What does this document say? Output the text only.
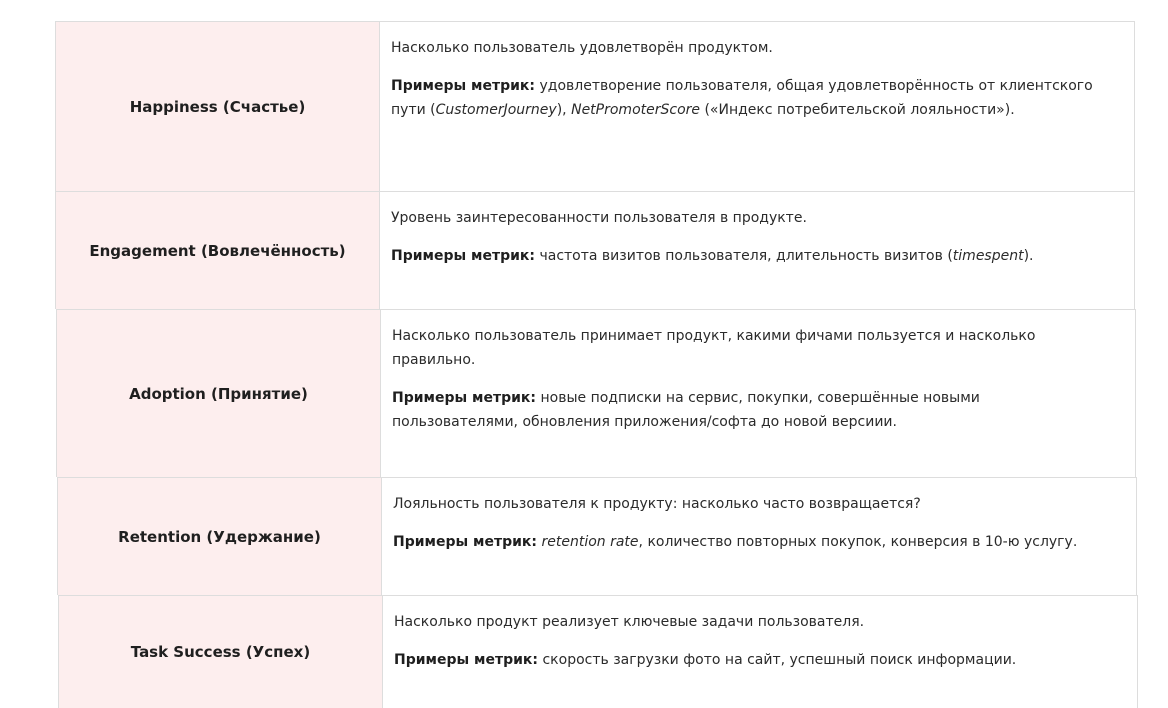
Happiness (Счастье)

Насколько пользователь удовлетворён продуктом.

Примеры метрик: удовлетворение пользователя, общая удовлетворённость от клиентского пути (CustomerJourney), NetPromoterScore («Индекс потребительской лояльности»).

Engagement (Вовлечённость)

Уровень заинтересованности пользователя в продукте.

Примеры метрик: частота визитов пользователя, длительность визитов (timespent).

Adoption (Принятие)

Насколько пользователь принимает продукт, какими фичами пользуется и насколько правильно.

Примеры метрик: новые подписки на сервис, покупки, совершённые новыми пользователями, обновления приложения/софта до новой версиии.

Retention (Удержание)

Лояльность пользователя к продукту: насколько часто возвращается?

Примеры метрик: retention rate, количество повторных покупок, конверсия в 10-ю услугу.

Task Success (Успех)

Насколько продукт реализует ключевые задачи пользователя.

Примеры метрик: скорость загрузки фото на сайт, успешный поиск информации.
